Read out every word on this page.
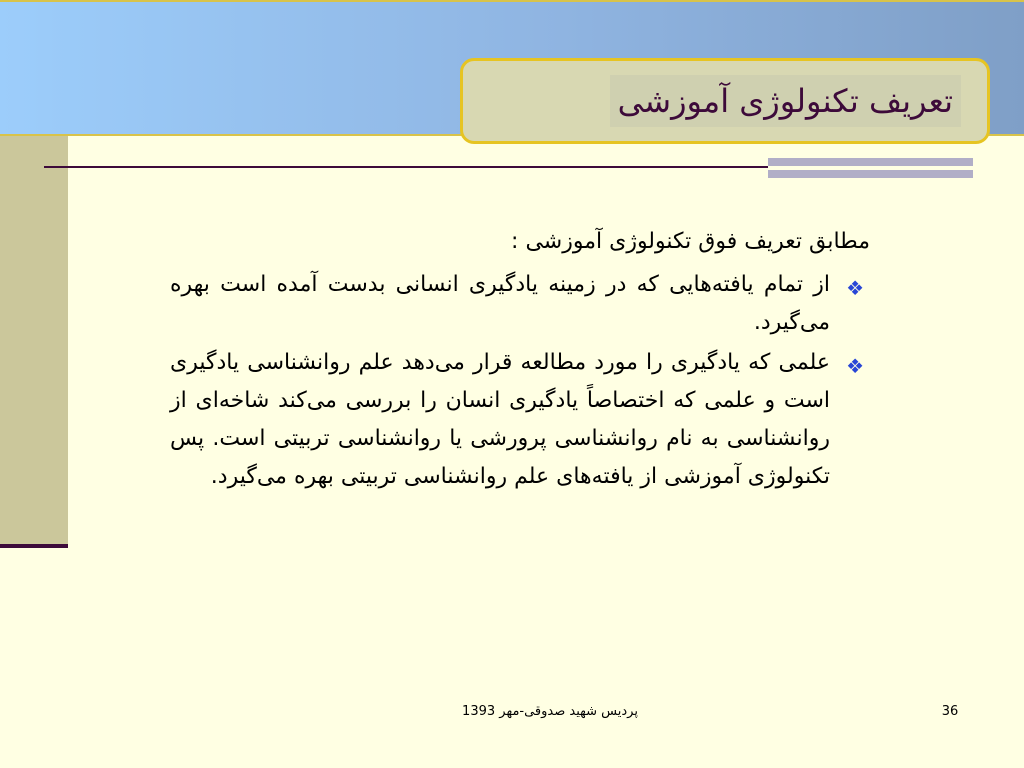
تعریف تکنولوژی آموزشی
مطابق تعریف فوق تکنولوژی آموزشی :
❖
از تمام یافته‌هایی که در زمینه یادگیری انسانی بدست آمده است بهره می‌گیرد.
❖
علمی که یادگیری را مورد مطالعه قرار می‌دهد علم روانشناسی یادگیری است و علمی که اختصاصاً یادگیری انسان را بررسی می‌کند شاخه‌ای از روانشناسی به نام روانشناسی پرورشی یا روانشناسی تربیتی است. پس تکنولوژی آموزشی از یافته‌های علم روانشناسی تربیتی بهره می‌گیرد.
پردیس شهید صدوقی-مهر 1393	36
